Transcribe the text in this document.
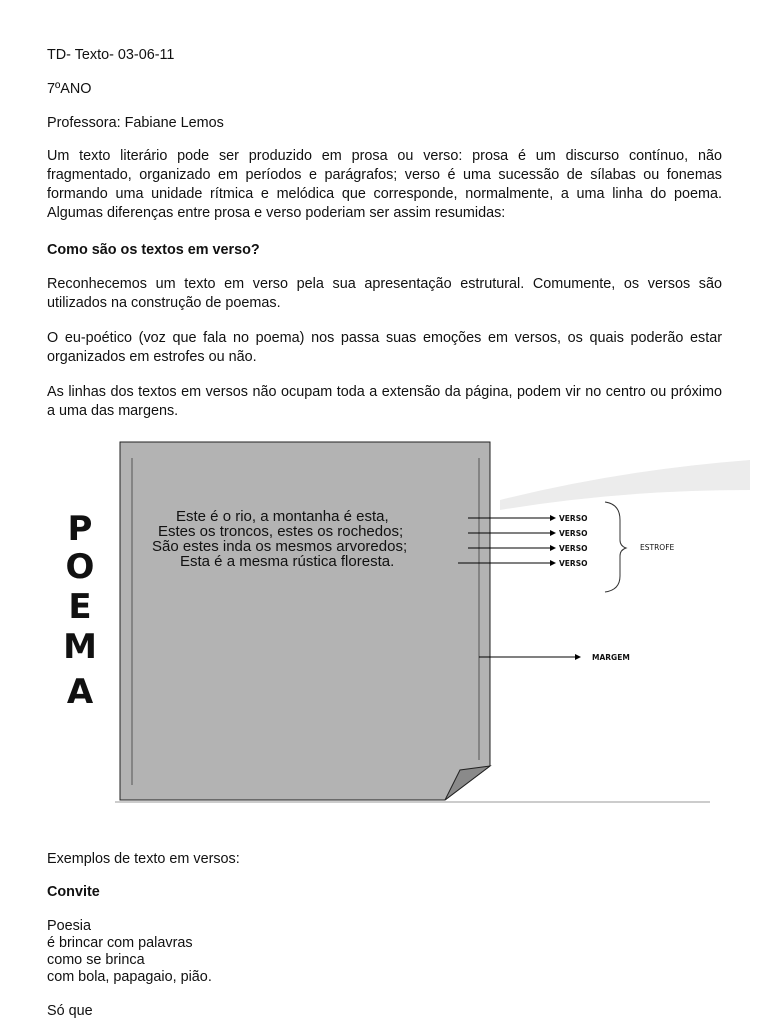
TD- Texto- 03-06-11
7ºANO
Professora: Fabiane Lemos
Um texto literário pode ser produzido em prosa ou verso: prosa é um discurso contínuo, não fragmentado, organizado em períodos e parágrafos; verso é uma sucessão de sílabas ou fonemas formando uma unidade rítmica e melódica que corresponde, normalmente, a uma linha do poema. Algumas diferenças entre prosa e verso poderiam ser assim resumidas:
Como são os textos em verso?
Reconhecemos um texto em verso pela sua apresentação estrutural. Comumente, os versos são utilizados na construção de poemas.
O eu-poético (voz que fala no poema) nos passa suas emoções em versos, os quais poderão estar organizados em estrofes ou não.
As linhas dos textos em versos não ocupam toda a extensão da página, podem vir no centro ou próximo a uma das margens.
Exemplos de texto em versos:
Convite
Poesia
é brincar com palavras
como se brinca
com bola, papagaio, pião.
Só que
P
O
E
M
A
Este é o rio, a montanha é esta,
Estes os troncos, estes os rochedos;
São estes inda os mesmos arvoredos;
Esta é a mesma rústica floresta.
VERSO
VERSO
VERSO
VERSO
ESTROFE
MARGEM
